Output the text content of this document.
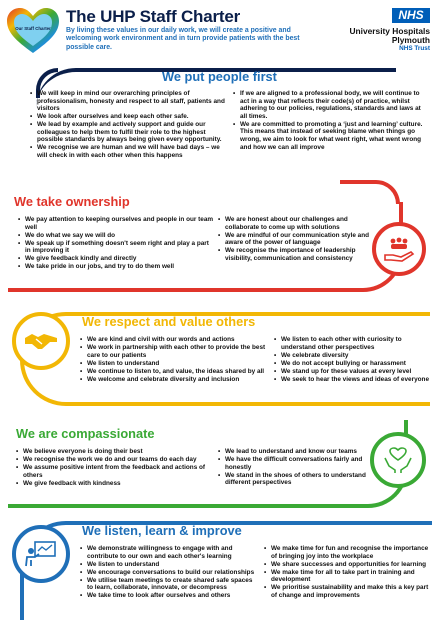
Our Staff Charter
The UHP Staff Charter
By living these values in our daily work, we will create a positive and welcoming work environment and in turn provide patients with the best possible care.
NHS
University Hospitals
Plymouth
NHS Trust
We put people first
• We will keep in mind our overarching principles of professionalism, honesty and respect to all staff, patients and visitors
• We look after ourselves and keep each other safe.
• We lead by example and actively support and guide our colleagues to help them to fulfil their role to the highest possible standards by always being given every opportunity.
• We recognise we are human and we will have bad days – we will check in with each other when this happens
• If we are aligned to a professional body, we will continue to act in a way that reflects their code(s) of practice, whilst adhering to our policies, regulations, standards and laws at all times.
• We are committed to promoting a ‘just and learning’ culture. This means that instead of seeking blame when things go wrong, we aim to look for what went right, what went wrong and how we can all improve
We take ownership
• We pay attention to keeping ourselves and people in our team well
• We do what we say we will do
• We speak up if something doesn't seem right and play a part in improving it
• We give feedback kindly and directly
• We take pride in our jobs, and try to do them well
• We are honest about our challenges and collaborate to come up with solutions
• We are mindful of our communication style and aware of the power of language
• We recognise the importance of leadership visibility, communication and consistency
We respect and value others
• We are kind and civil with our words and actions
• We work in partnership with each other to provide the best care to our patients
• We listen to understand
• We continue to listen to, and value, the ideas shared by all
• We welcome and celebrate diversity and inclusion
• We listen to each other with curiosity to understand other perspectives
• We celebrate diversity
• We do not accept bullying or harassment
• We stand up for these values at every level
• We seek to hear the views and ideas of everyone
We are compassionate
• We believe everyone is doing their best
• We recognise the work we do and our teams do each day
• We assume positive intent from the feedback and actions of others
• We give feedback with kindness
• We lead to understand and know our teams
• We have the difficult conversations fairly and honestly
• We stand in the shoes of others to understand different perspectives
We listen, learn & improve
• We demonstrate willingness to engage with and contribute to our own and each other's learning
• We listen to understand
• We encourage conversations to build our relationships
• We utilise team meetings to create shared safe spaces to learn, collaborate, innovate, or decompress
• We take time to look after ourselves and others
• We make time for fun and recognise the importance of bringing joy into the workplace
• We share successes and opportunities for learning
• We make time for all to take part in training and development
• We prioritise sustainability and make this a key part of change and improvements
